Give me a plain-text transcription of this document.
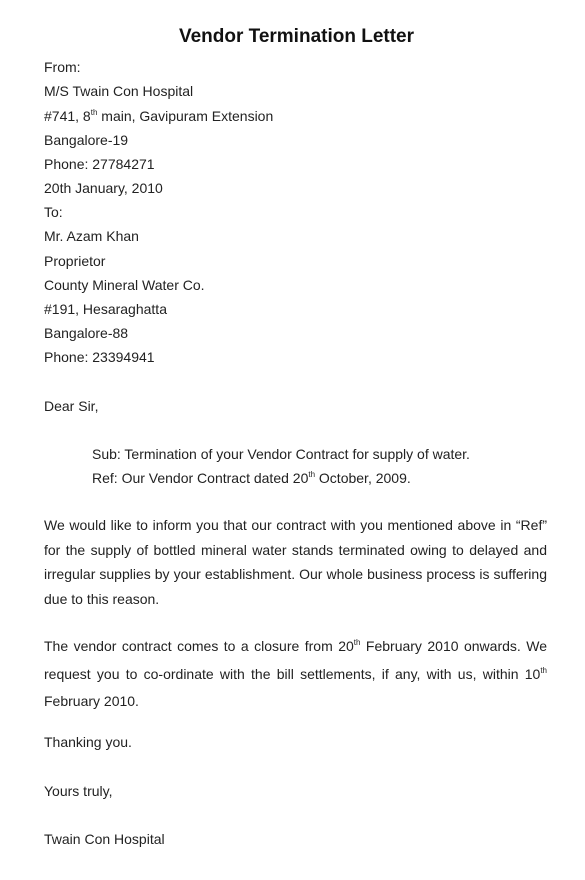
Vendor Termination Letter
From:
M/S Twain Con Hospital
#741, 8th main, Gavipuram Extension
Bangalore-19
Phone: 27784271
20th January, 2010
To:
Mr. Azam Khan
Proprietor
County Mineral Water Co.
#191, Hesaraghatta
Bangalore-88
Phone: 23394941
Dear Sir,
Sub: Termination of your Vendor Contract for supply of water.
Ref: Our Vendor Contract dated 20th October, 2009.
We would like to inform you that our contract with you mentioned above in “Ref” for the supply of bottled mineral water stands terminated owing to delayed and irregular supplies by your establishment. Our whole business process is suffering due to this reason.
The vendor contract comes to a closure from 20th February 2010 onwards. We request you to co-ordinate with the bill settlements, if any, with us, within 10th February 2010.
Thanking you.
Yours truly,
Twain Con Hospital
